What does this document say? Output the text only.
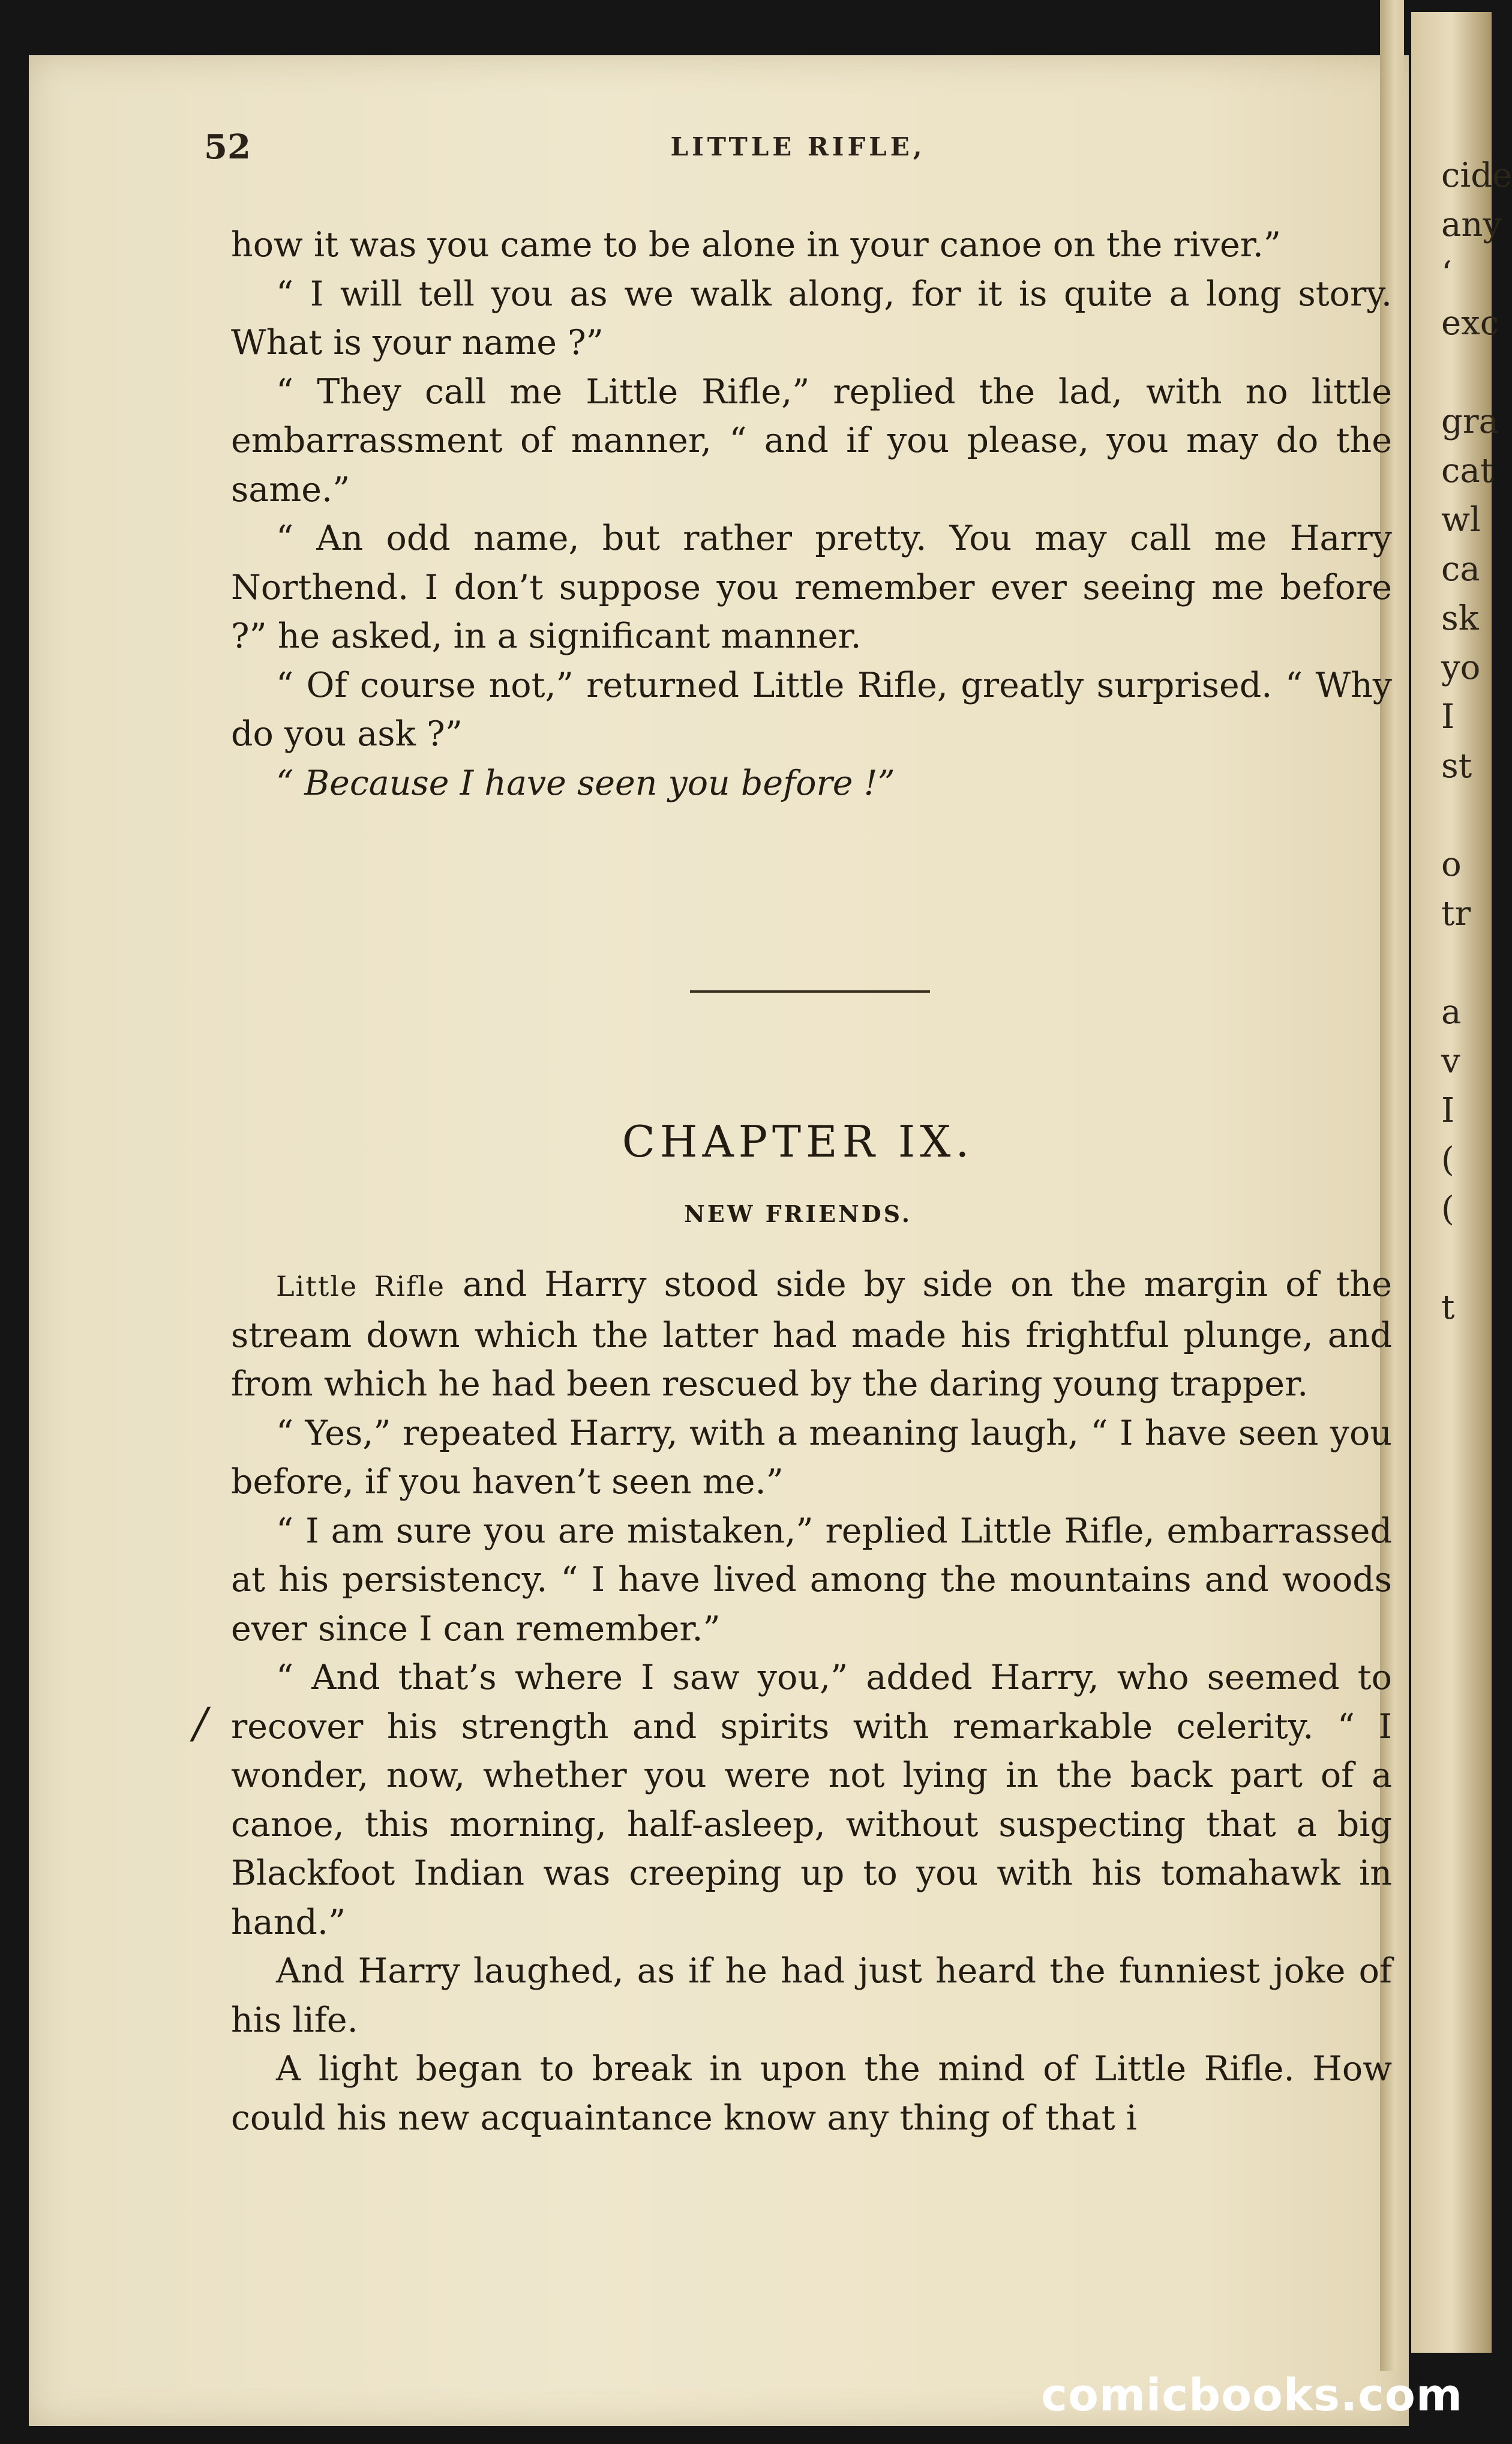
cide
any
‘
exc
gra
cat
wl
ca
sk
yo
I
st
o
tr
a
v
I
(
(
t
52	LITTLE RIFLE,

how it was you came to be alone in your canoe on the river.”

“ I will tell you as we walk along, for it is quite a long story. What is your name ?”

“ They call me Little Rifle,” replied the lad, with no little embarrassment of manner, “ and if you please, you may do the same.”

“ An odd name, but rather pretty. You may call me Harry Northend. I don’t suppose you remember ever seeing me before ?” he asked, in a significant manner.

“ Of course not,” returned Little Rifle, greatly surprised. “ Why do you ask ?”

“ Because I have seen you before !”

CHAPTER IX.
NEW FRIENDS.

Little Rifle and Harry stood side by side on the margin of the stream down which the latter had made his frightful plunge, and from which he had been rescued by the daring young trapper.

“ Yes,” repeated Harry, with a meaning laugh, “ I have seen you before, if you haven’t seen me.”

“ I am sure you are mistaken,” replied Little Rifle, embarrassed at his persistency. “ I have lived among the mountains and woods ever since I can remember.”

“ And that’s where I saw you,” added Harry, who seemed to recover his strength and spirits with remarkable celerity. “ I wonder, now, whether you were not lying in the back part of a canoe, this morning, half-asleep, without suspecting that a big Blackfoot Indian was creeping up to you with his tomahawk in hand.”

And Harry laughed, as if he had just heard the funniest joke of his life.

A light began to break in upon the mind of Little Rifle. How could his new acquaintance know any thing of that i

/
comicbooks.com
